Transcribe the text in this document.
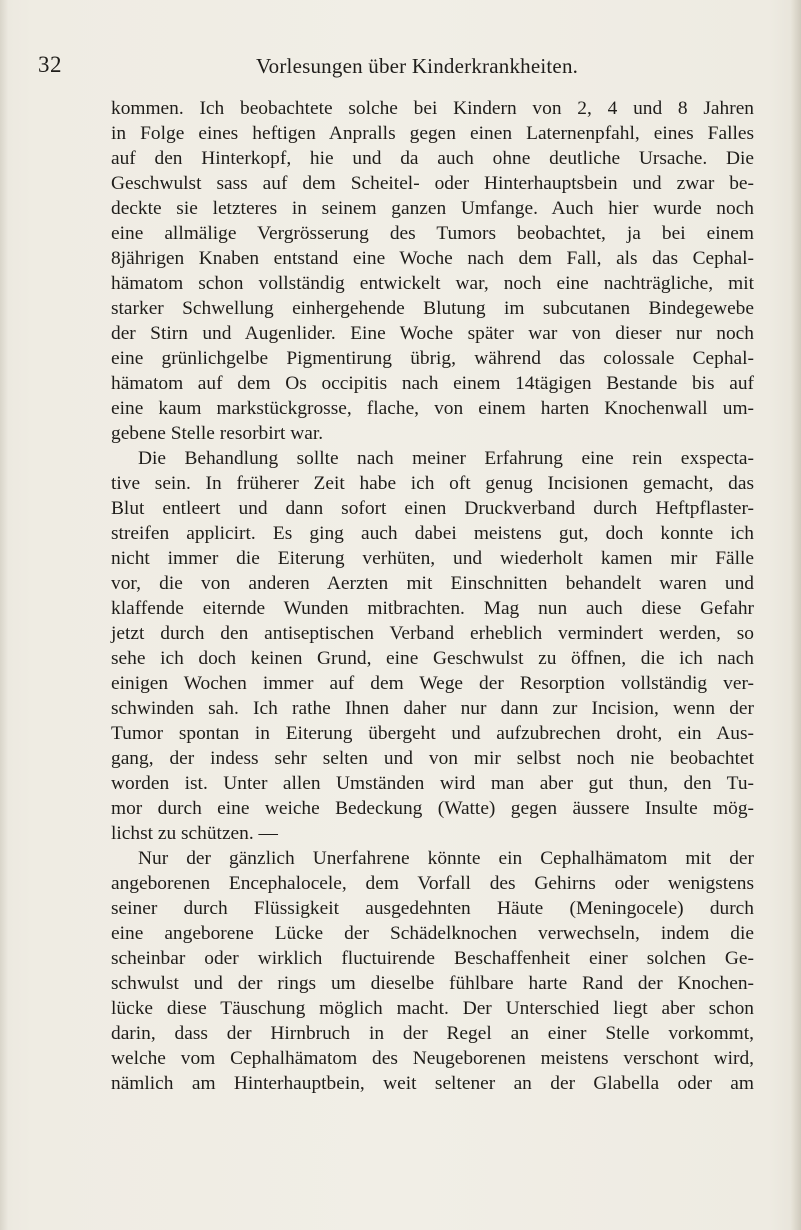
32	Vorlesungen über Kinderkrankheiten.
kommen. Ich beobachtete solche bei Kindern von 2, 4 und 8 Jahren
in Folge eines heftigen Anpralls gegen einen Laternenpfahl, eines Falles
auf den Hinterkopf, hie und da auch ohne deutliche Ursache. Die
Geschwulst sass auf dem Scheitel- oder Hinterhauptsbein und zwar be-
deckte sie letzteres in seinem ganzen Umfange. Auch hier wurde noch
eine allmälige Vergrösserung des Tumors beobachtet, ja bei einem
8jährigen Knaben entstand eine Woche nach dem Fall, als das Cephal-
hämatom schon vollständig entwickelt war, noch eine nachträgliche, mit
starker Schwellung einhergehende Blutung im subcutanen Bindegewebe
der Stirn und Augenlider. Eine Woche später war von dieser nur noch
eine grünlichgelbe Pigmentirung übrig, während das colossale Cephal-
hämatom auf dem Os occipitis nach einem 14tägigen Bestande bis auf
eine kaum markstückgrosse, flache, von einem harten Knochenwall um-
gebene Stelle resorbirt war.
Die Behandlung sollte nach meiner Erfahrung eine rein exspecta-
tive sein. In früherer Zeit habe ich oft genug Incisionen gemacht, das
Blut entleert und dann sofort einen Druckverband durch Heftpflaster-
streifen applicirt. Es ging auch dabei meistens gut, doch konnte ich
nicht immer die Eiterung verhüten, und wiederholt kamen mir Fälle
vor, die von anderen Aerzten mit Einschnitten behandelt waren und
klaffende eiternde Wunden mitbrachten. Mag nun auch diese Gefahr
jetzt durch den antiseptischen Verband erheblich vermindert werden, so
sehe ich doch keinen Grund, eine Geschwulst zu öffnen, die ich nach
einigen Wochen immer auf dem Wege der Resorption vollständig ver-
schwinden sah. Ich rathe Ihnen daher nur dann zur Incision, wenn der
Tumor spontan in Eiterung übergeht und aufzubrechen droht, ein Aus-
gang, der indess sehr selten und von mir selbst noch nie beobachtet
worden ist. Unter allen Umständen wird man aber gut thun, den Tu-
mor durch eine weiche Bedeckung (Watte) gegen äussere Insulte mög-
lichst zu schützen. —
Nur der gänzlich Unerfahrene könnte ein Cephalhämatom mit der
angeborenen Encephalocele, dem Vorfall des Gehirns oder wenigstens
seiner durch Flüssigkeit ausgedehnten Häute (Meningocele) durch
eine angeborene Lücke der Schädelknochen verwechseln, indem die
scheinbar oder wirklich fluctuirende Beschaffenheit einer solchen Ge-
schwulst und der rings um dieselbe fühlbare harte Rand der Knochen-
lücke diese Täuschung möglich macht. Der Unterschied liegt aber schon
darin, dass der Hirnbruch in der Regel an einer Stelle vorkommt,
welche vom Cephalhämatom des Neugeborenen meistens verschont wird,
nämlich am Hinterhauptbein, weit seltener an der Glabella oder am
